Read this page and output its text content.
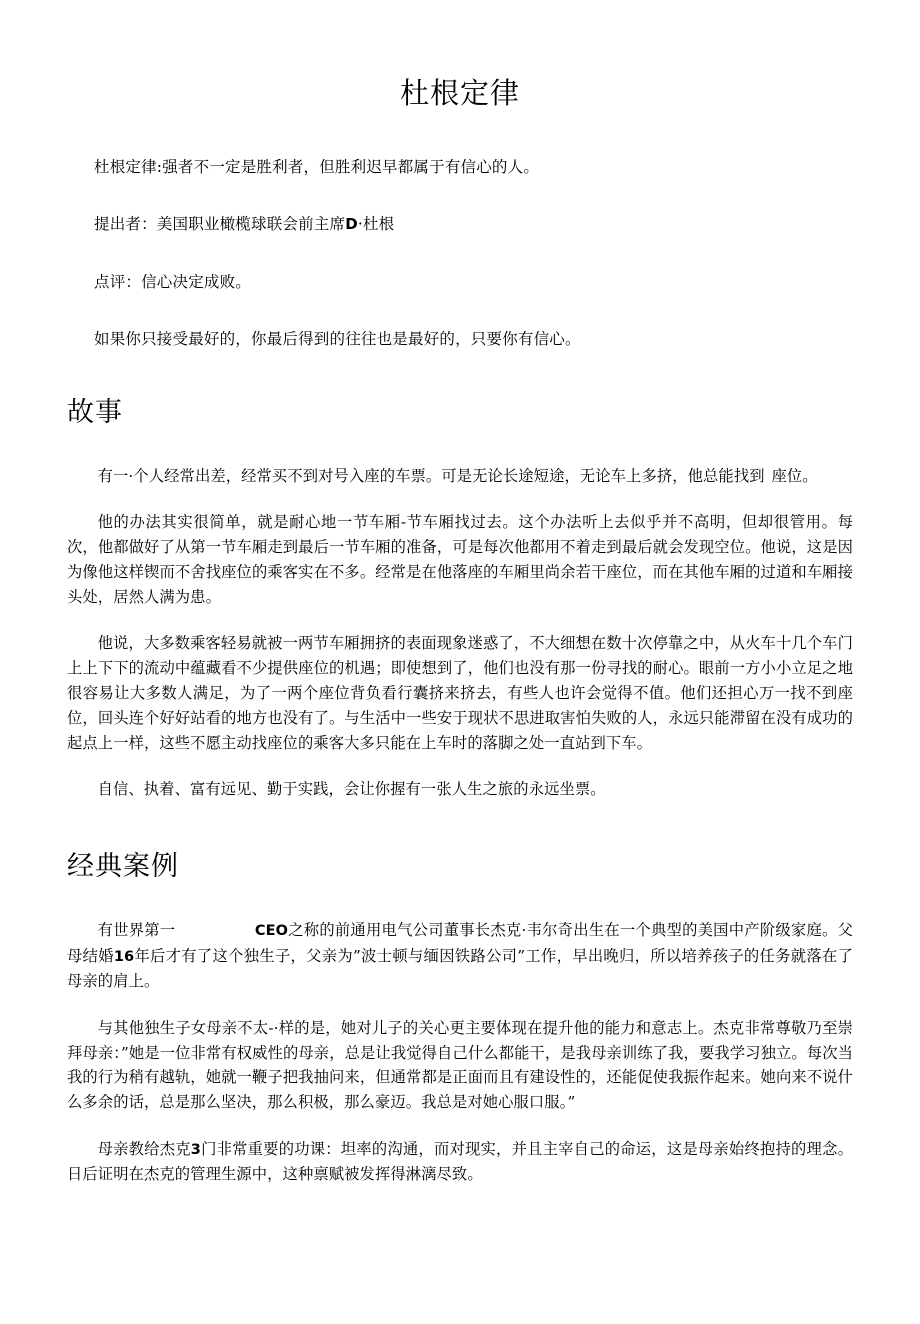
杜根定律

杜根定律:强者不一定是胜利者，但胜利迟早都属于有信心的人。

提出者：美国职业橄榄球联会前主席D·杜根

点评：信心决定成败。

如果你只接受最好的，你最后得到的往往也是最好的，只要你有信心。

故事

有一·个人经常出差，经常买不到对号入座的车票。可是无论长途短途，无论车上多挤，他总能找到 座位。

他的办法其实很简单，就是耐心地一节车厢-节车厢找过去。这个办法听上去似乎并不高明，但却很管用。每次，他都做好了从第一节车厢走到最后一节车厢的准备，可是每次他都用不着走到最后就会发现空位。他说，这是因为像他这样锲而不舍找座位的乘客实在不多。经常是在他落座的车厢里尚余若干座位，而在其他车厢的过道和车厢接头处，居然人满为患。

他说，大多数乘客轻易就被一两节车厢拥挤的表面现象迷惑了，不大细想在数十次停靠之中，从火车十几个车门上上下下的流动中蕴藏看不少提供座位的机遇；即使想到了，他们也没有那一份寻找的耐心。眼前一方小小立足之地很容易让大多数人满足，为了一两个座位背负看行囊挤来挤去，有些人也许会觉得不值。他们还担心万一找不到座位，回头连个好好站看的地方也没有了。与生活中一些安于现状不思进取害怕失败的人，永远只能滞留在没有成功的起点上一样，这些不愿主动找座位的乘客大多只能在上车时的落脚之处一直站到下车。

自信、执着、富有远见、勤于实践，会让你握有一张人生之旅的永远坐票。

经典案例

有世界第一	CEO之称的前通用电气公司董事长杰克·韦尔奇出生在一个典型的美国中产阶级家庭。父母结婚16年后才有了这个独生子，父亲为”波士顿与缅因铁路公司”工作，早出晚归，所以培养孩子的任务就落在了母亲的肩上。

与其他独生子女母亲不太-·样的是，她对儿子的关心更主要体现在提升他的能力和意志上。杰克非常尊敬乃至崇拜母亲：”她是一位非常有权威性的母亲，总是让我觉得自己什么都能干，是我母亲训练了我，要我学习独立。每次当我的行为稍有越轨，她就一鞭子把我抽问来，但通常都是正面而且有建设性的，还能促使我振作起来。她向来不说什么多余的话，总是那么坚决，那么积极，那么豪迈。我总是对她心服口服。”

母亲教给杰克3门非常重要的功课：坦率的沟通，而对现实，并且主宰自己的命运，这是母亲始终抱持的理念。日后证明在杰克的管理生源中，这种禀赋被发挥得淋漓尽致。
